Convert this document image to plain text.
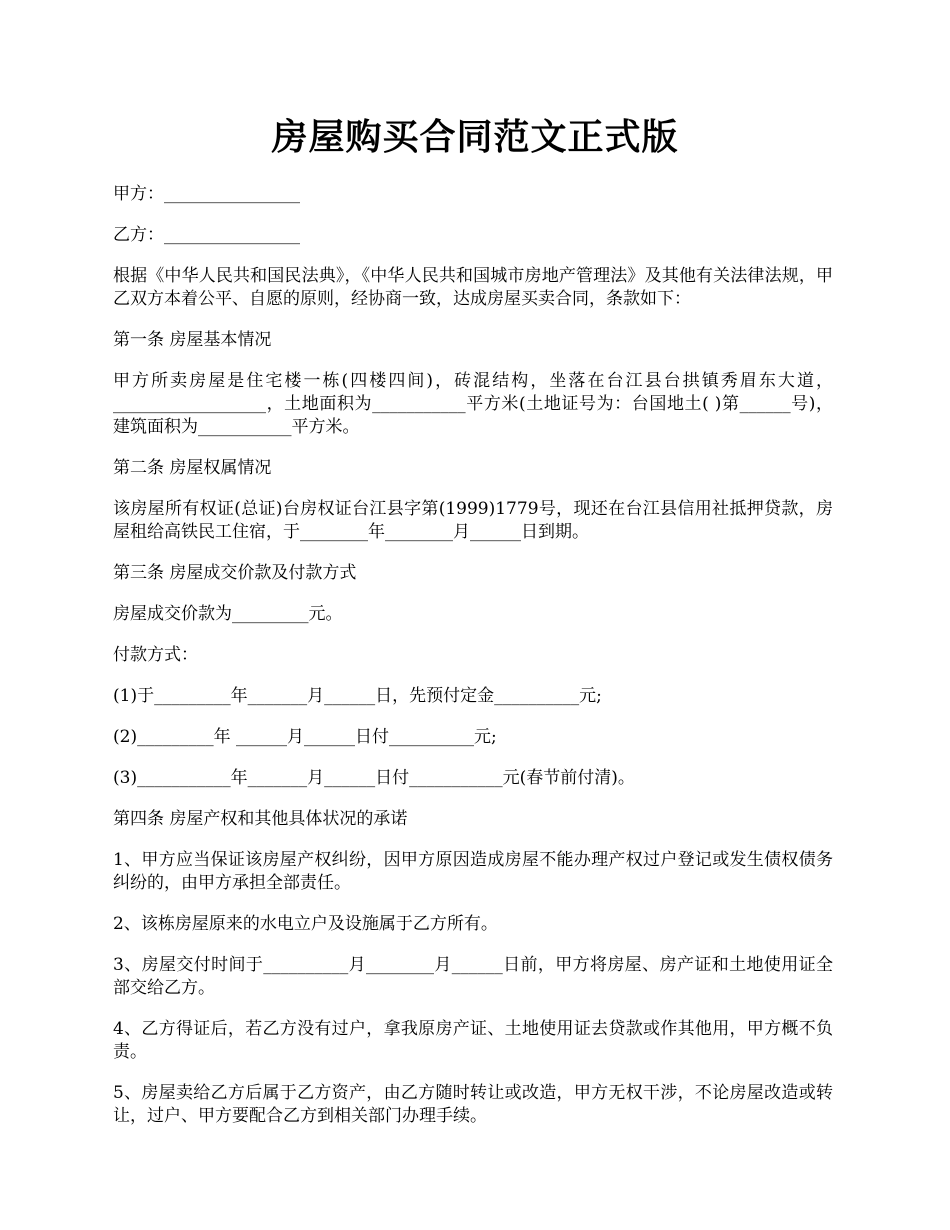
房屋购买合同范文正式版

甲方：________________

乙方：________________

根据《中华人民共和国民法典》，《中华人民共和国城市房地产管理法》及其他有关法律法规，甲乙双方本着公平、自愿的原则，经协商一致，达成房屋买卖合同，条款如下：

第一条 房屋基本情况

甲方所卖房屋是住宅楼一栋(四楼四间)，砖混结构，坐落在台江县台拱镇秀眉东大道，__________________，土地面积为___________平方米(土地证号为：台国地土( )第______号)，建筑面积为___________平方米。

第二条 房屋权属情况

该房屋所有权证(总证)台房权证台江县字第(1999)1779号，现还在台江县信用社抵押贷款，房屋租给高铁民工住宿，于________年________月______日到期。

第三条 房屋成交价款及付款方式

房屋成交价款为_________元。

付款方式：

(1)于_________年_______月______日，先预付定金__________元;

(2)_________年 ______月______日付__________元;

(3)___________年_______月______日付___________元(春节前付清)。

第四条 房屋产权和其他具体状况的承诺

1、甲方应当保证该房屋产权纠纷，因甲方原因造成房屋不能办理产权过户登记或发生债权债务纠纷的，由甲方承担全部责任。

2、该栋房屋原来的水电立户及设施属于乙方所有。

3、房屋交付时间于__________月________月______日前，甲方将房屋、房产证和土地使用证全部交给乙方。

4、乙方得证后，若乙方没有过户，拿我原房产证、土地使用证去贷款或作其他用，甲方概不负责。

5、房屋卖给乙方后属于乙方资产，由乙方随时转让或改造，甲方无权干涉，不论房屋改造或转让，过户、甲方要配合乙方到相关部门办理手续。
